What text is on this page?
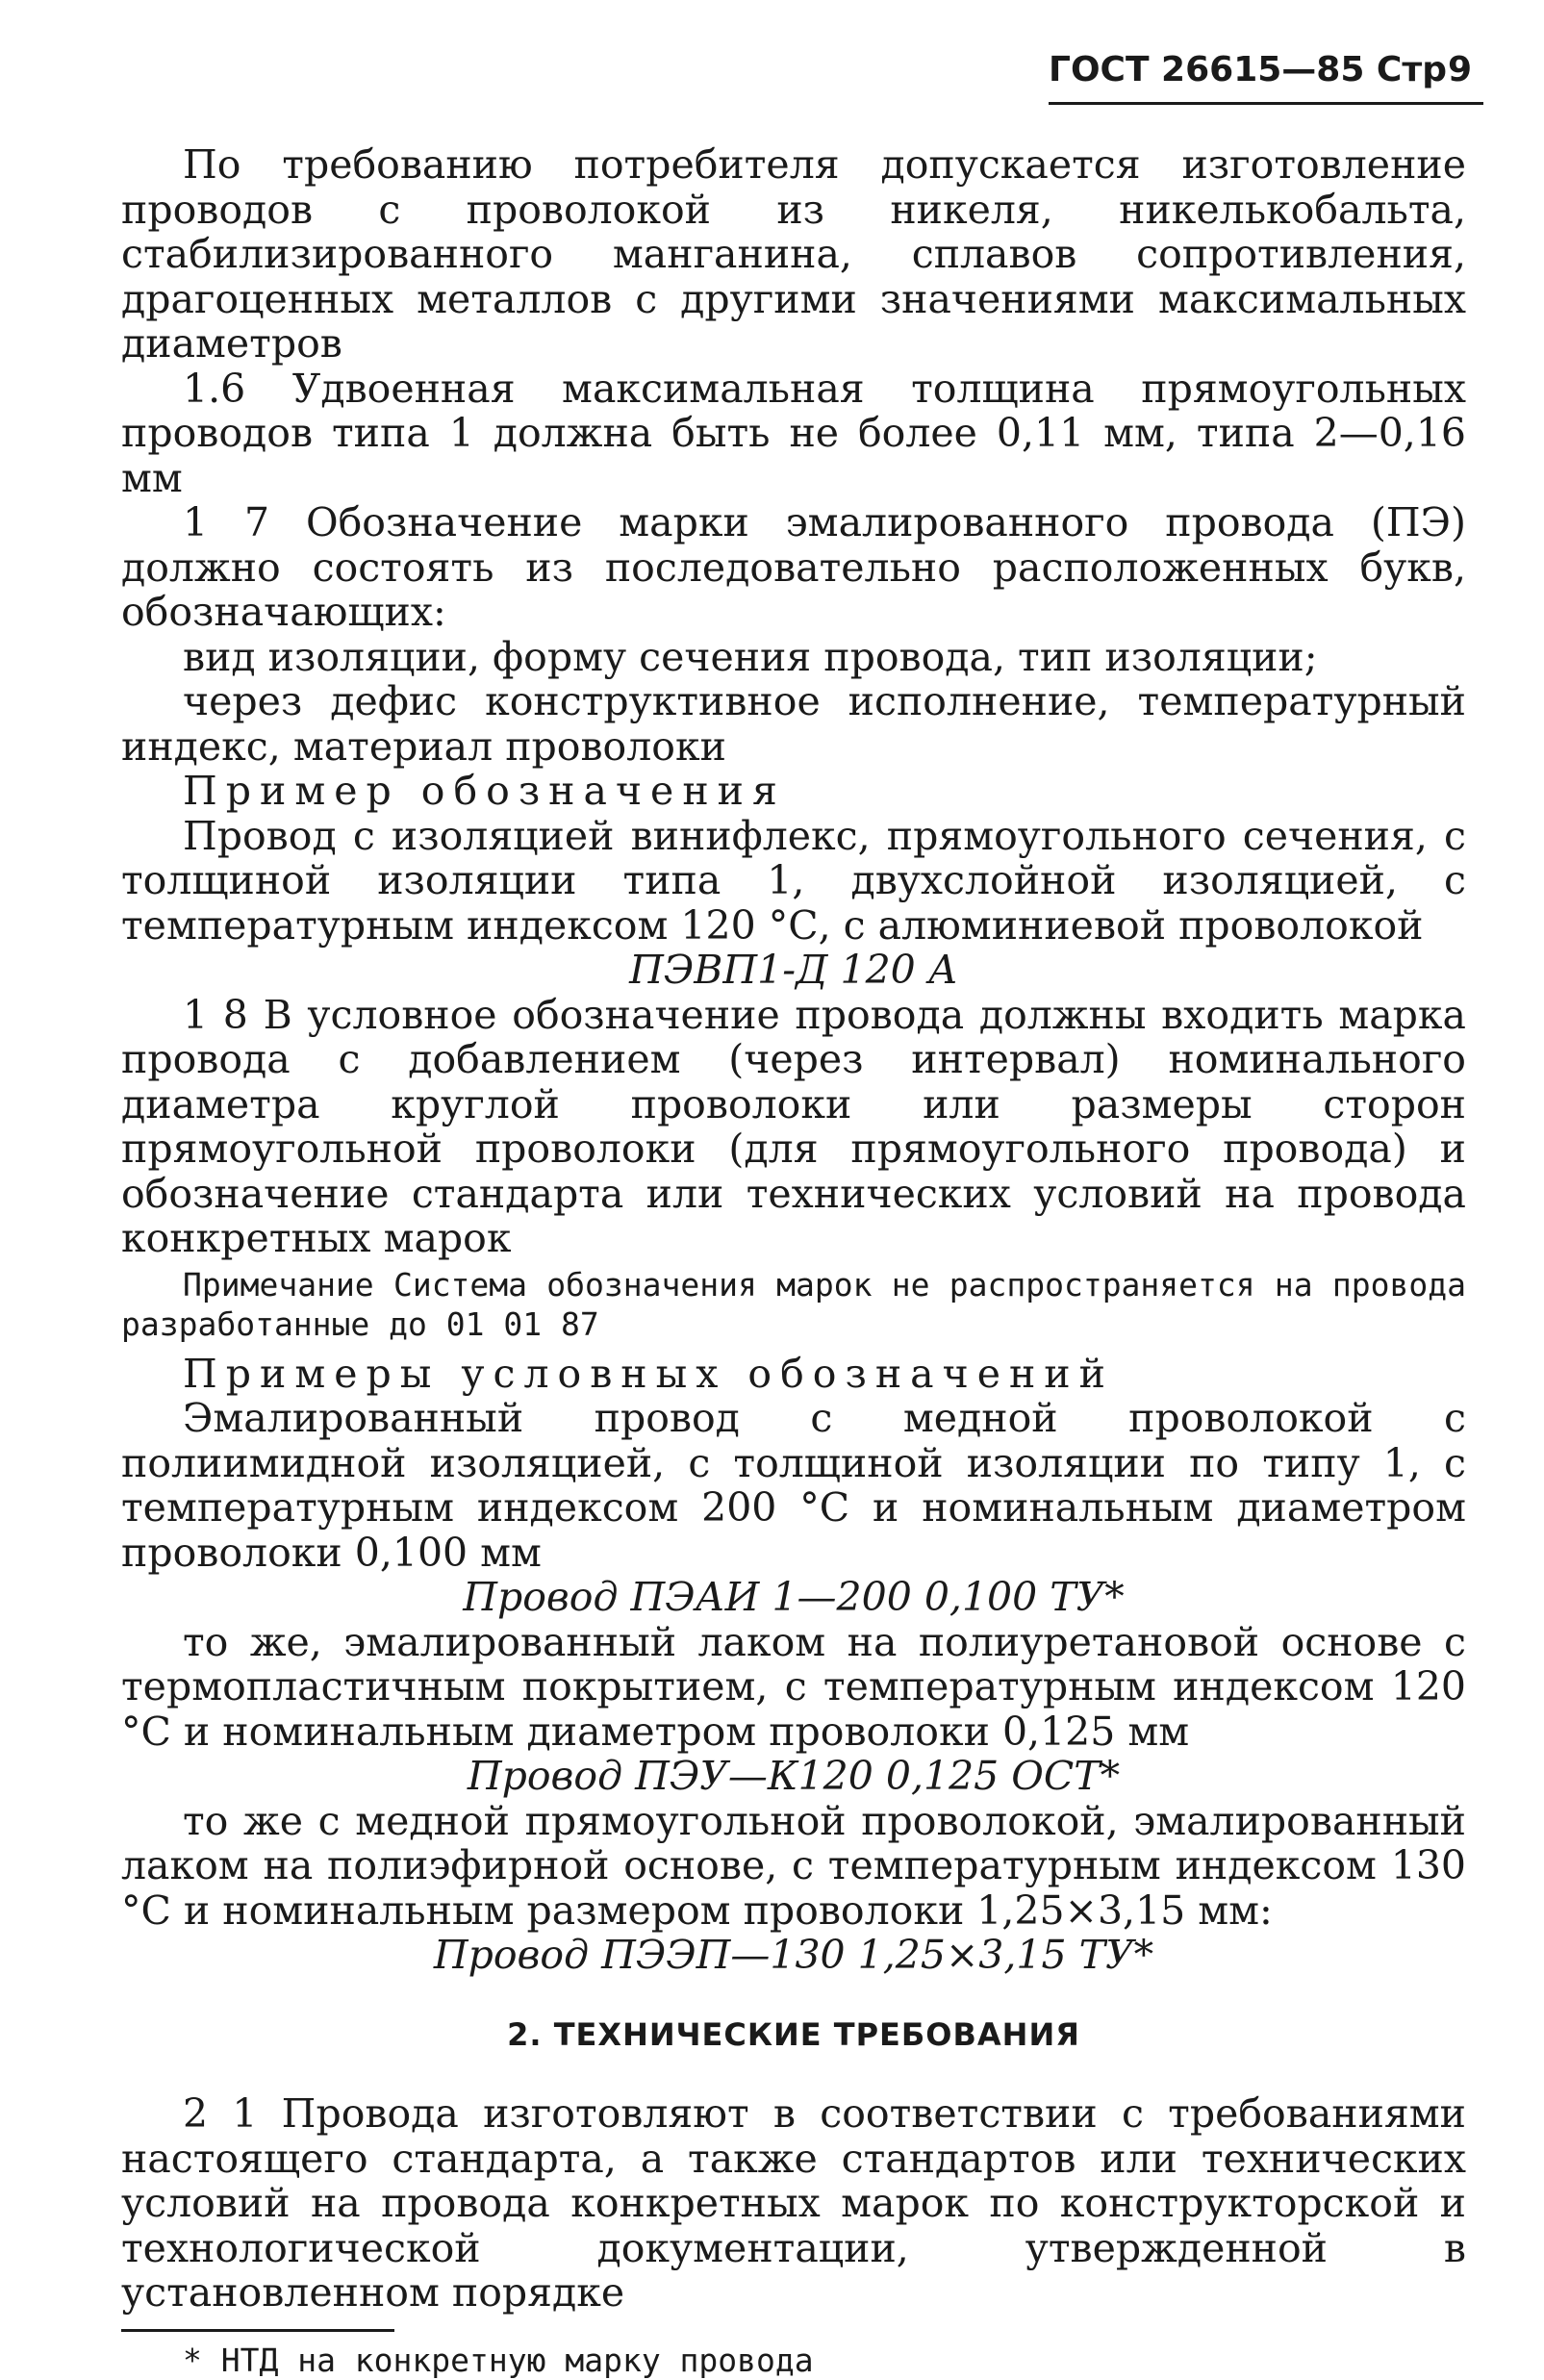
ГОСТ 26615—85 Стр 9

По требованию потребителя допускается изготовление проводов с проволокой из никеля, никелькобальта, стабилизированного манганина, сплавов сопротивления, драгоценных металлов с другими значениями максимальных диаметров

1.6 Удвоенная максимальная толщина прямоугольных проводов типа 1 должна быть не более 0,11 мм, типа 2—0,16 мм

1 7 Обозначение марки эмалированного провода (ПЭ) должно состоять из последовательно расположенных букв, обозначающих:

вид изоляции, форму сечения провода, тип изоляции;

через дефис конструктивное исполнение, температурный индекс, материал проволоки

Пример обозначения

Провод с изоляцией винифлекс, прямоугольного сечения, с толщиной изоляции типа 1, двухслойной изоляцией, с температурным индексом 120 °С, с алюминиевой проволокой

ПЭВП1-Д 120 А

1 8 В условное обозначение провода должны входить марка провода с добавлением (через интервал) номинального диаметра круглой проволоки или размеры сторон прямоугольной проволоки (для прямоугольного провода) и обозначение стандарта или технических условий на провода конкретных марок

Примечание Система обозначения марок не распространяется на провода разработанные до 01 01 87

Примеры условных обозначений

Эмалированный провод с медной проволокой с полиимидной изоляцией, с толщиной изоляции по типу 1, с температурным индексом 200 °С и номинальным диаметром проволоки 0,100 мм

Провод ПЭАИ 1—200 0,100 ТУ*

то же, эмалированный лаком на полиуретановой основе с термопластичным покрытием, с температурным индексом 120 °С и номинальным диаметром проволоки 0,125 мм

Провод ПЭУ—К120 0,125 ОСТ*

то же с медной прямоугольной проволокой, эмалированный лаком на полиэфирной основе, с температурным индексом 130 °С и номинальным размером проволоки 1,25×3,15 мм:

Провод ПЭЭП—130 1,25×3,15 ТУ*

2. ТЕХНИЧЕСКИЕ ТРЕБОВАНИЯ

2 1 Провода изготовляют в соответствии с требованиями настоящего стандарта, а также стандартов или технических условий на провода конкретных марок по конструкторской и технологической документации, утвержденной в установленном порядке

* НТД на конкретную марку провода
